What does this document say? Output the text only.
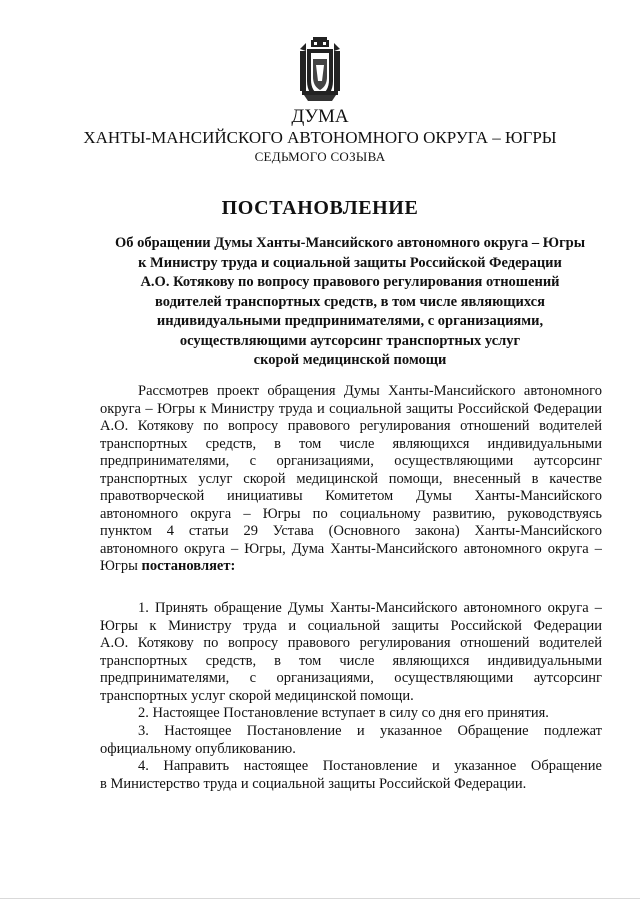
ДУМА
ХАНТЫ-МАНСИЙСКОГО АВТОНОМНОГО ОКРУГА – ЮГРЫ
СЕДЬМОГО СОЗЫВА
ПОСТАНОВЛЕНИЕ
Об обращении Думы Ханты-Мансийского автономного округа – Югры
к Министру труда и социальной защиты Российской Федерации
А.О. Котякову по вопросу правового регулирования отношений
водителей транспортных средств, в том числе являющихся
индивидуальными предпринимателями, с организациями,
осуществляющими аутсорсинг транспортных услуг
скорой медицинской помощи
Рассмотрев проект обращения Думы Ханты-Мансийского автономного
округа – Югры к Министру труда и социальной защиты Российской Федерации
А.О. Котякову по вопросу правового регулирования отношений водителей
транспортных средств, в том числе являющихся индивидуальными
предпринимателями, с организациями, осуществляющими аутсорсинг
транспортных услуг скорой медицинской помощи, внесенный в качестве
правотворческой инициативы Комитетом Думы Ханты-Мансийского
автономного округа – Югры по социальному развитию, руководствуясь
пунктом 4 статьи 29 Устава (Основного закона) Ханты-Мансийского
автономного округа – Югры, Дума Ханты-Мансийского автономного округа –
Югры постановляет:
1. Принять обращение Думы Ханты-Мансийского автономного округа –
Югры к Министру труда и социальной защиты Российской Федерации
А.О. Котякову по вопросу правового регулирования отношений водителей
транспортных средств, в том числе являющихся индивидуальными
предпринимателями, с организациями, осуществляющими аутсорсинг
транспортных услуг скорой медицинской помощи.
2. Настоящее Постановление вступает в силу со дня его принятия.
3. Настоящее Постановление и указанное Обращение подлежат
официальному опубликованию.
4. Направить настоящее Постановление и указанное Обращение
в Министерство труда и социальной защиты Российской Федерации.
